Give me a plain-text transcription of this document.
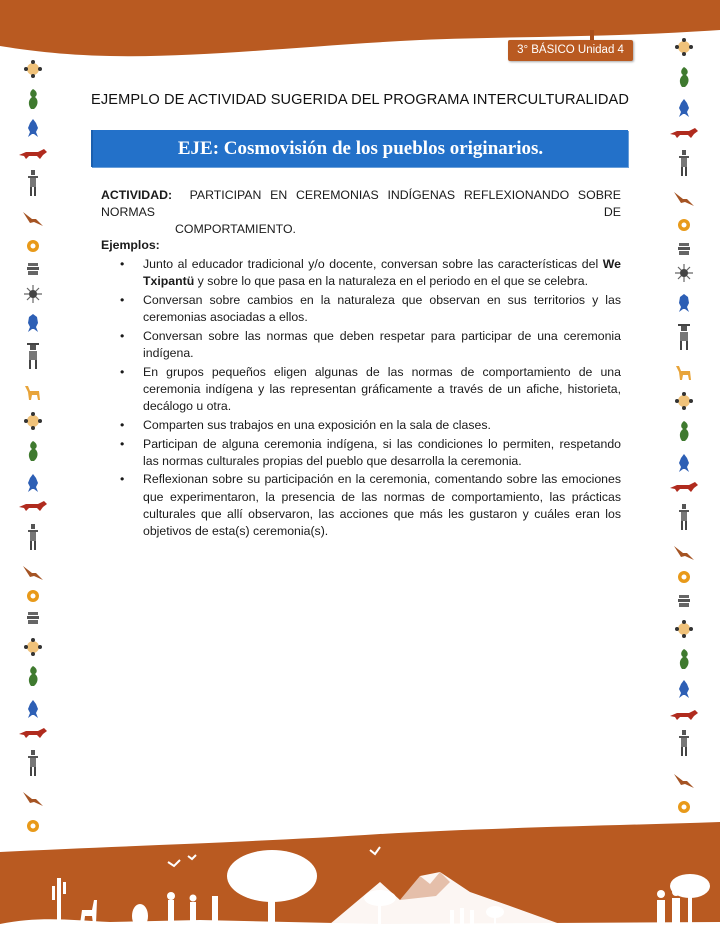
3° BÁSICO Unidad 4
EJEMPLO DE ACTIVIDAD SUGERIDA DEL PROGRAMA INTERCULTURALIDAD
EJE: Cosmovisión de los pueblos originarios.
ACTIVIDAD: PARTICIPAN EN CEREMONIAS INDÍGENAS REFLEXIONANDO SOBRE NORMAS DE
COMPORTAMIENTO.
Ejemplos:
• Junto al educador tradicional y/o docente, conversan sobre las características del We Txipantü y sobre lo que pasa en la naturaleza en el periodo en el que se celebra.
• Conversan sobre cambios en la naturaleza que observan en sus territorios y las ceremonias asociadas a ellos.
• Conversan sobre las normas que deben respetar para participar de una ceremonia indígena.
• En grupos pequeños eligen algunas de las normas de comportamiento de una ceremonia indígena y las representan gráficamente a través de un afiche, historieta, decálogo u otra.
• Comparten sus trabajos en una exposición en la sala de clases.
• Participan de alguna ceremonia indígena, si las condiciones lo permiten, respetando las normas culturales propias del pueblo que desarrolla la ceremonia.
• Reflexionan sobre su participación en la ceremonia, comentando sobre las emociones que experimentaron, la presencia de las normas de comportamiento, las prácticas culturales que allí observaron, las acciones que más les gustaron y cuáles eran los objetivos de esta(s) ceremonia(s).
